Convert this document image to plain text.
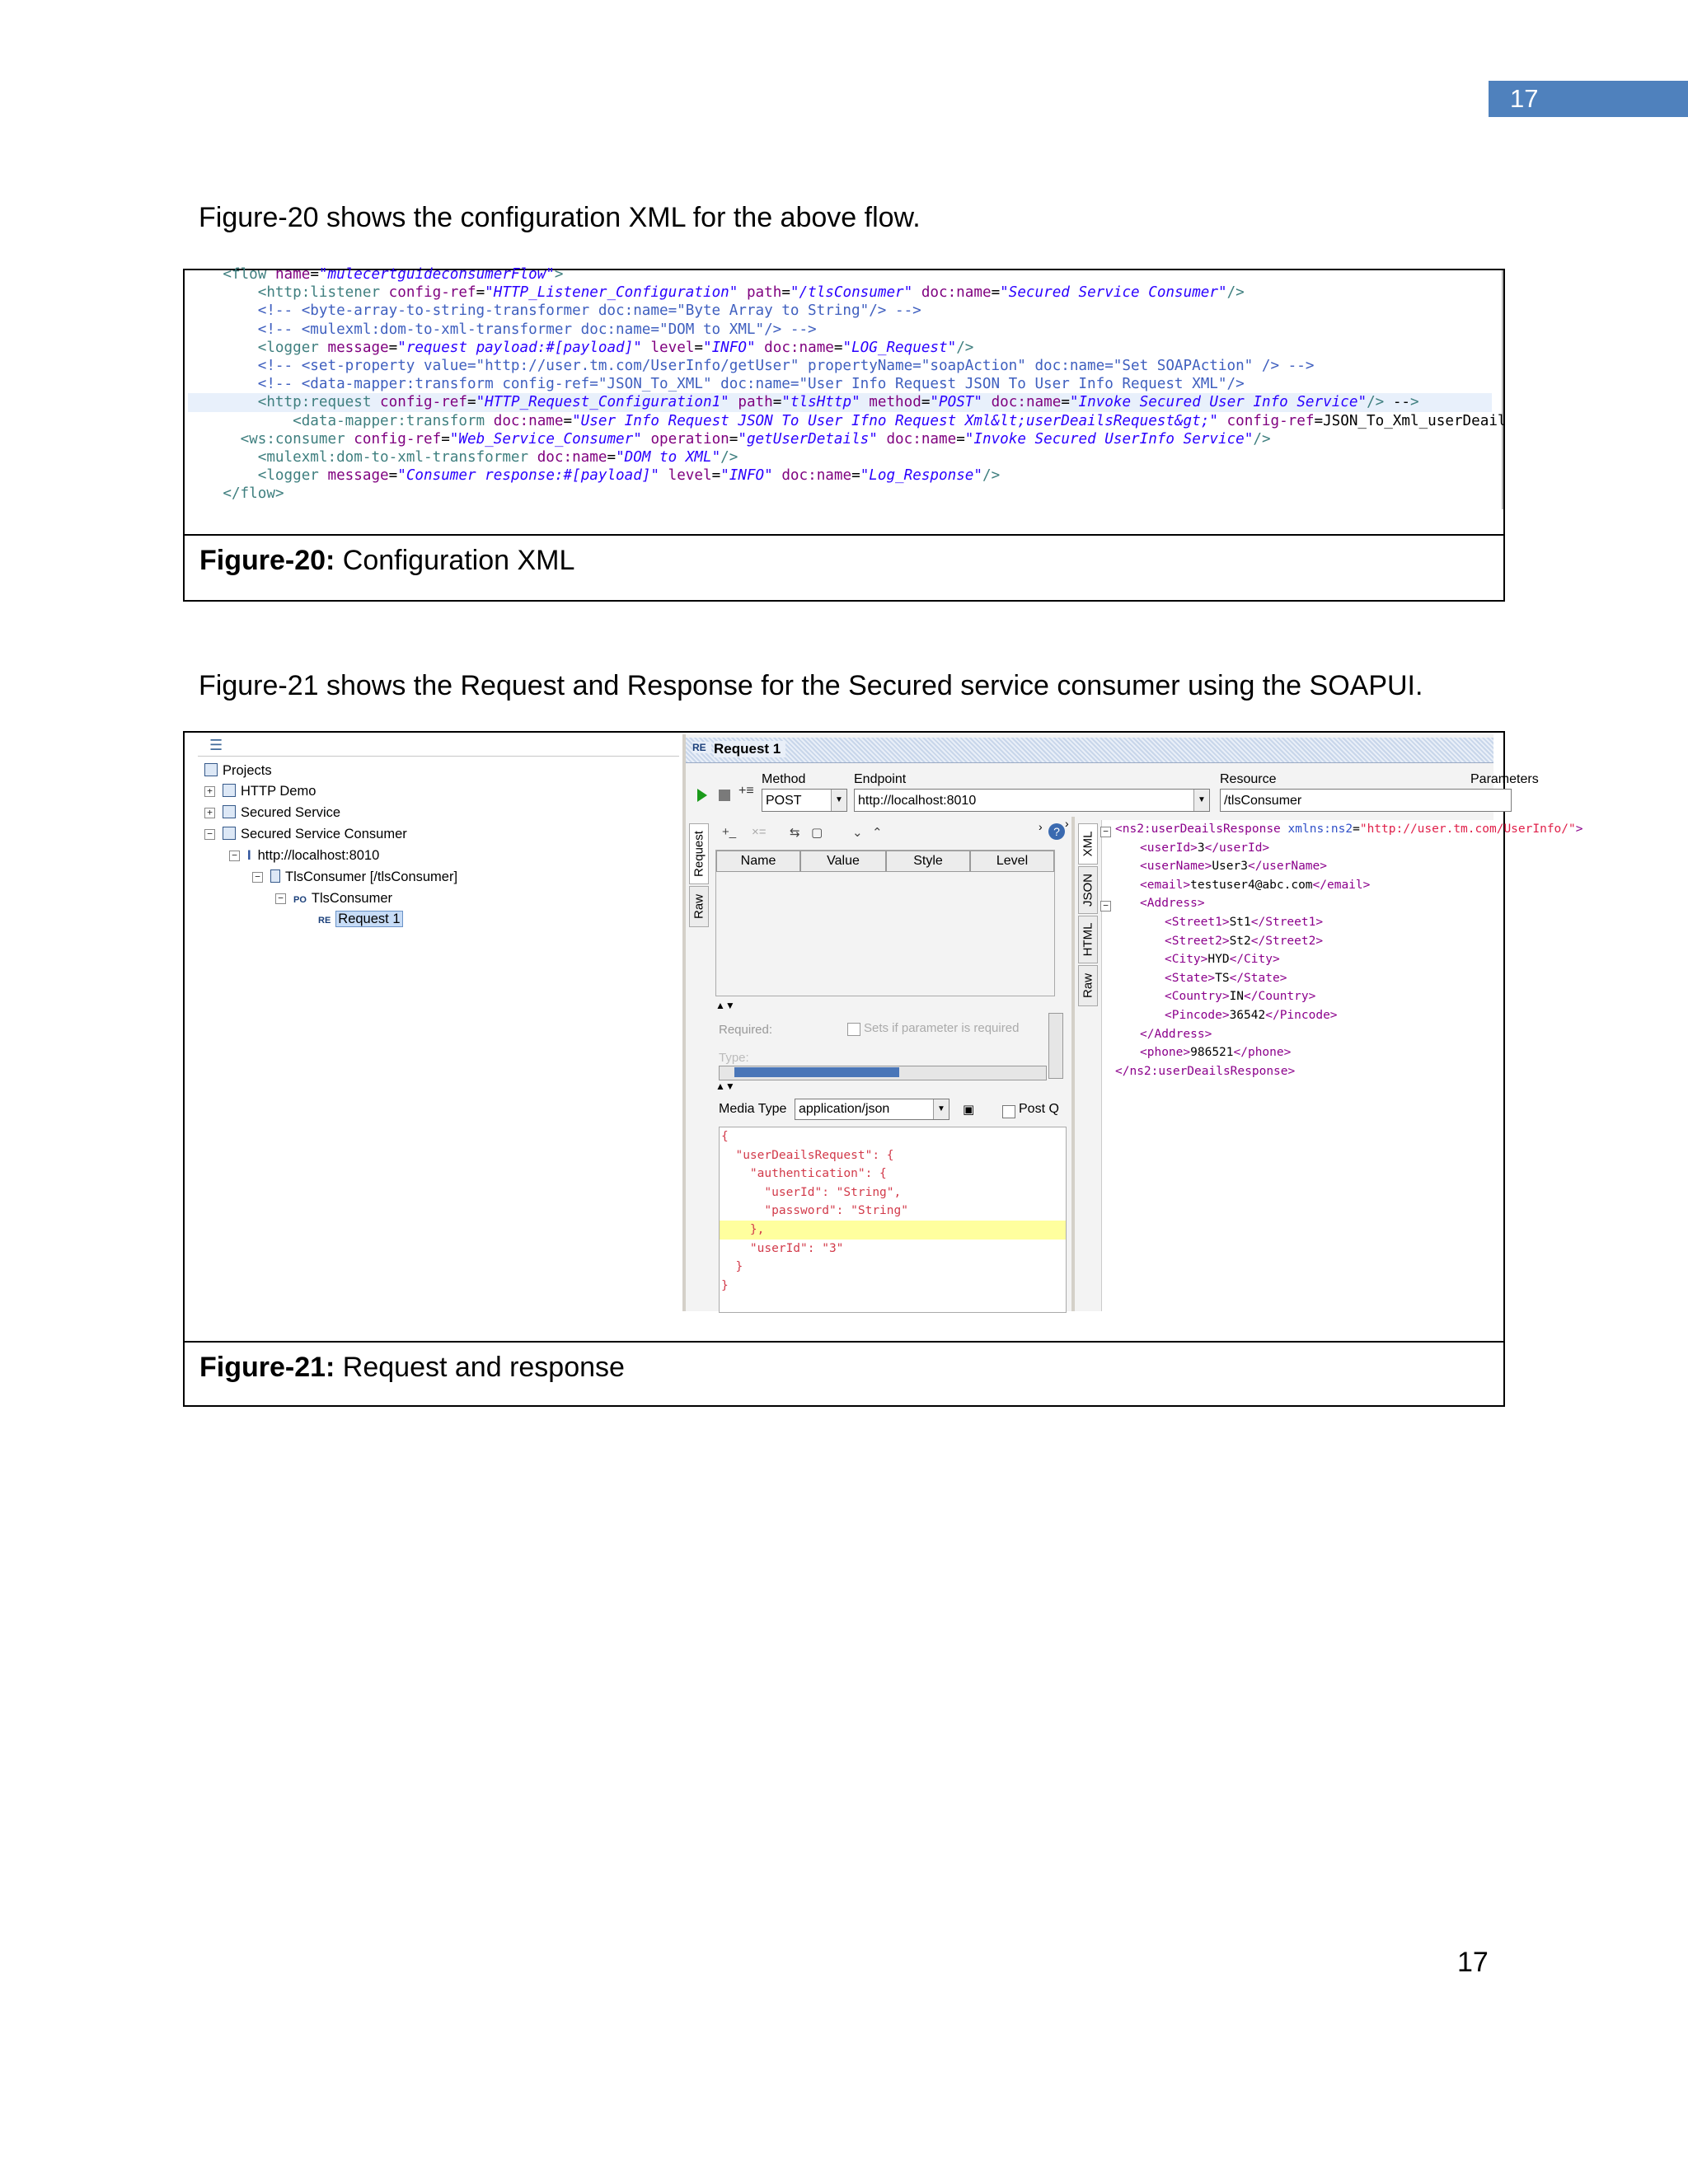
17
Figure-20 shows the configuration XML for the above flow.
<flow name="mulecertguideconsumerFlow">
<http:listener config-ref="HTTP_Listener_Configuration" path="/tlsConsumer" doc:name="Secured Service Consumer"/>
<!-- <byte-array-to-string-transformer doc:name="Byte Array to String"/> -->
<!-- <mulexml:dom-to-xml-transformer doc:name="DOM to XML"/> -->
<logger message="request payload:#[payload]" level="INFO" doc:name="LOG_Request"/>
<!-- <set-property value="http://user.tm.com/UserInfo/getUser" propertyName="soapAction" doc:name="Set SOAPAction" /> -->
<!-- <data-mapper:transform config-ref="JSON_To_XML" doc:name="User Info Request JSON To User Info Request XML"/>
<http:request config-ref="HTTP_Request_Configuration1" path="tlsHttp" method="POST" doc:name="Invoke Secured User Info Service"/> -->
<data-mapper:transform doc:name="User Info Request JSON To User Ifno Request Xml&lt;userDeailsRequest&gt;" config-ref=JSON_To_Xml_userDeail
<ws:consumer config-ref="Web_Service_Consumer" operation="getUserDetails" doc:name="Invoke Secured UserInfo Service"/>
<mulexml:dom-to-xml-transformer doc:name="DOM to XML"/>
<logger message="Consumer response:#[payload]" level="INFO" doc:name="Log_Response"/>
</flow>
Figure-20: Configuration XML
Figure-21 shows the Request and Response for the Secured service consumer using the SOAPUI.
☰
Projects
+	HTTP Demo
+	Secured Service
−	Secured Service Consumer
− I http://localhost:8010
−	TlsConsumer [/tlsConsumer]
− PO TlsConsumer
RE Request 1
RE Request 1
Method	Endpoint	Resource	Parameters
+≡
POST	▼	http://localhost:8010	▼	/tlsConsumer
Request
Raw
+_ ×= ⇆ ▢ ⌄ ⌃	?
›
Name	Value	Style	Level
▲▼
Required:	Sets if parameter is required
Type:
▲▼
Media Type application/json	▼ ▣	Post Q
{
"userDeailsRequest": {
"authentication": {
"userId": "String",
"password": "String"
},
"userId": "3"
}
}
›
XML
JSON
HTML
Raw
−
−
<ns2:userDeailsResponse xmlns:ns2="http://user.tm.com/UserInfo/">
<userId>3</userId>
<userName>User3</userName>
<email>testuser4@abc.com</email>
<Address>
<Street1>St1</Street1>
<Street2>St2</Street2>
<City>HYD</City>
<State>TS</State>
<Country>IN</Country>
<Pincode>36542</Pincode>
</Address>
<phone>986521</phone>
</ns2:userDeailsResponse>
Figure-21: Request and response
17
